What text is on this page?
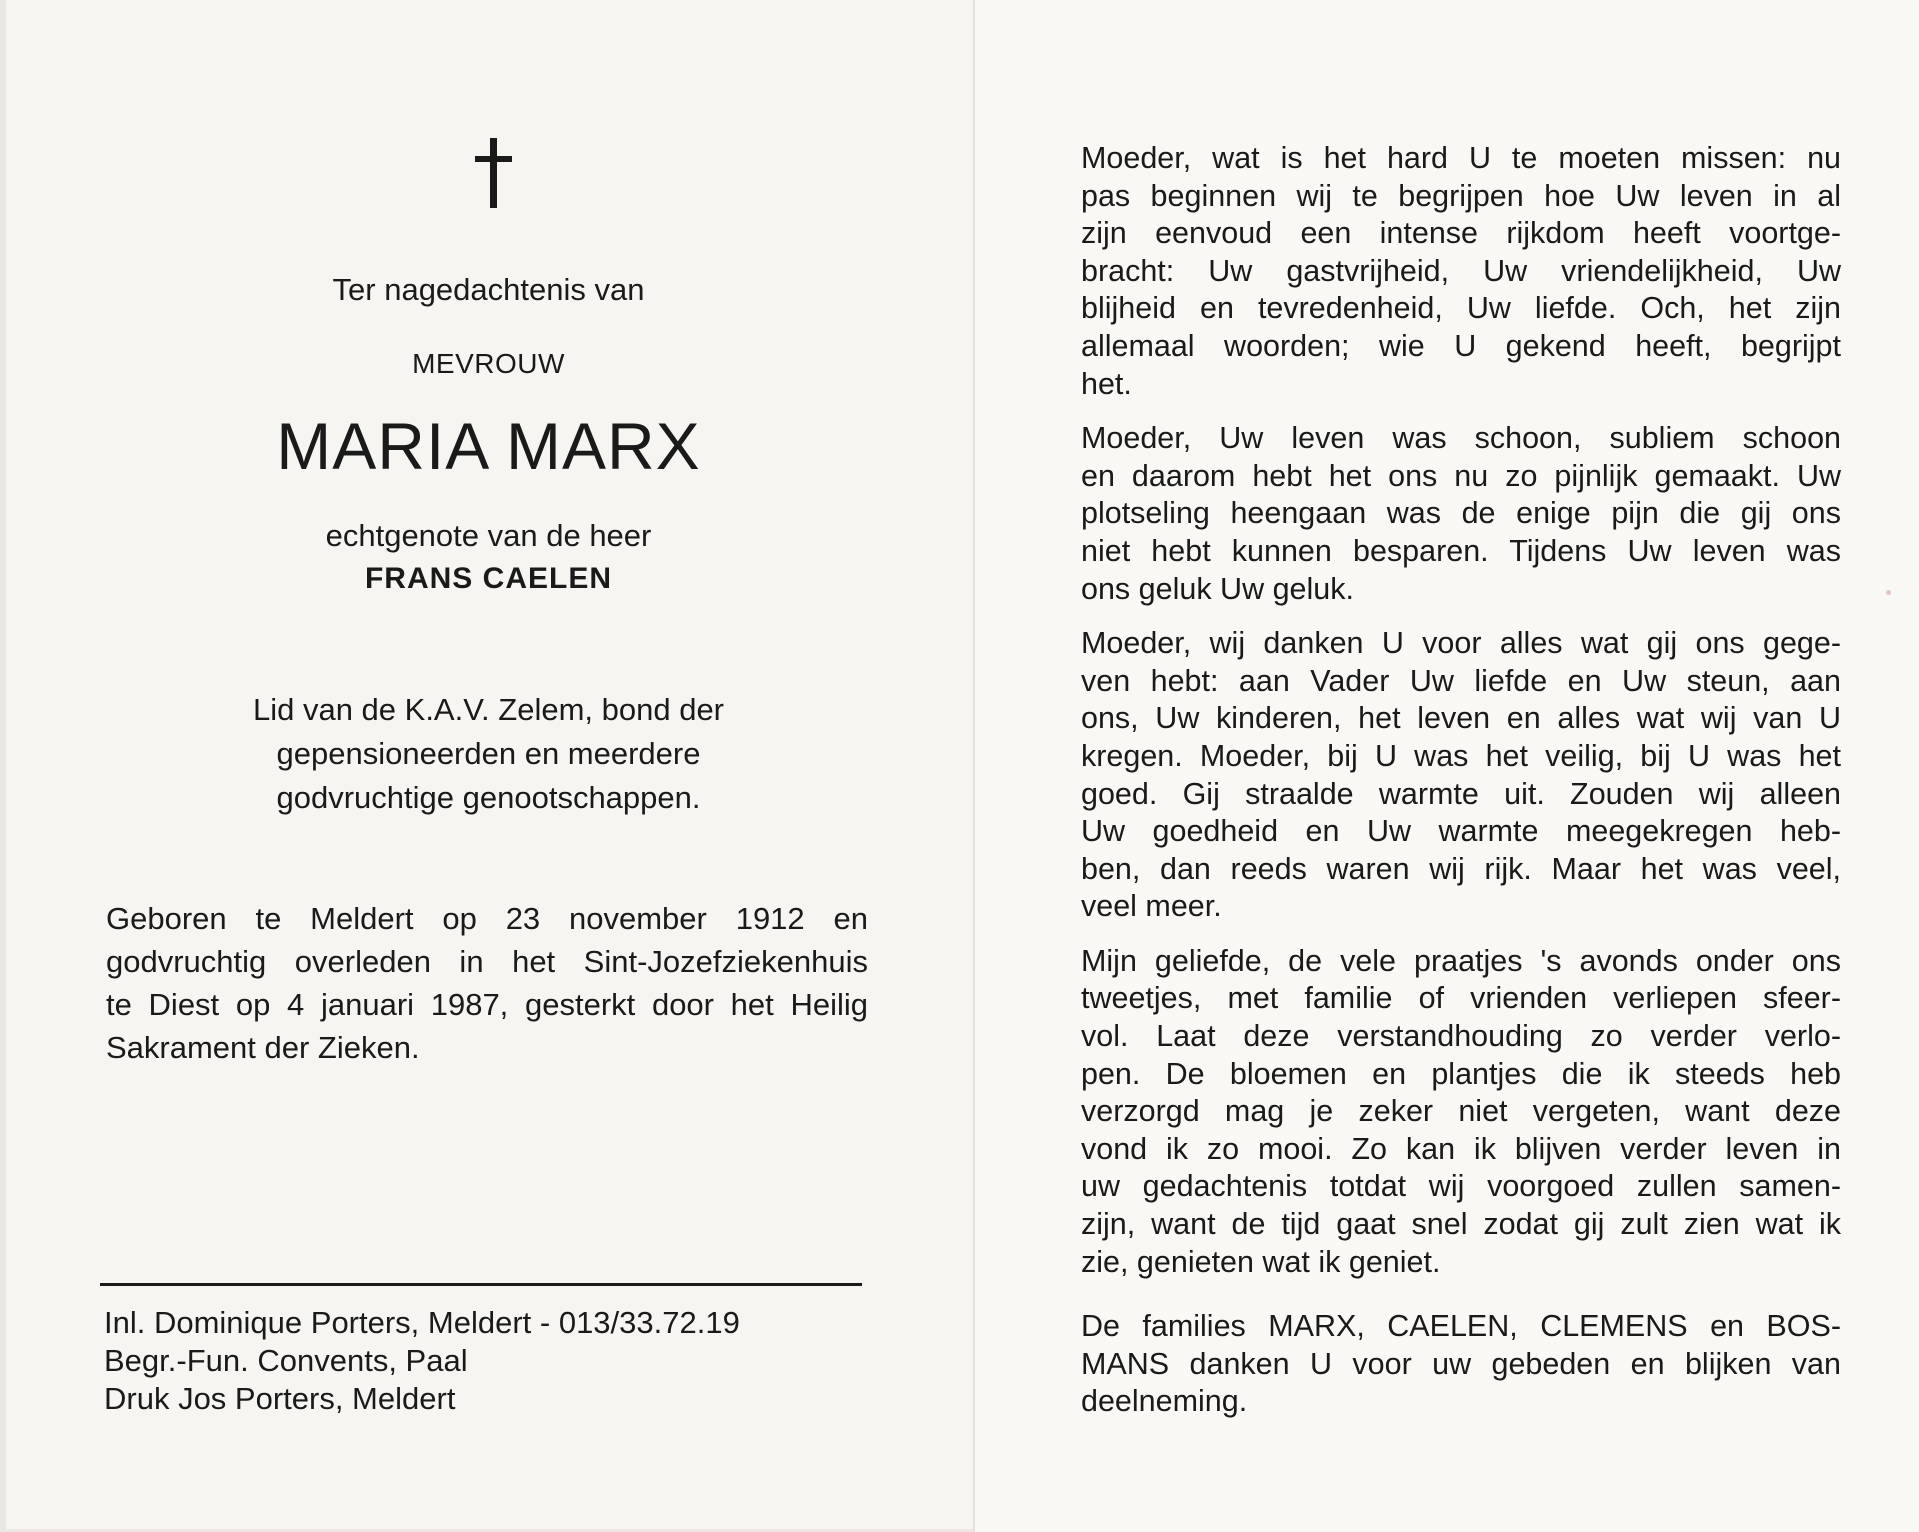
Ter nagedachtenis van
MEVROUW
MARIA MARX
echtgenote van de heer
FRANS CAELEN
Lid van de K.A.V. Zelem, bond der
gepensioneerden en meerdere
godvruchtige genootschappen.
Geboren te Meldert op 23 november 1912 en
godvruchtig overleden in het Sint-Jozefziekenhuis
te Diest op 4 januari 1987, gesterkt door het Heilig
Sakrament der Zieken.
Inl. Dominique Porters, Meldert - 013/33.72.19
Begr.-Fun. Convents, Paal
Druk Jos Porters, Meldert
Moeder, wat is het hard U te moeten missen: nu
pas beginnen wij te begrijpen hoe Uw leven in al
zijn eenvoud een intense rijkdom heeft voortge-
bracht: Uw gastvrijheid, Uw vriendelijkheid, Uw
blijheid en tevredenheid, Uw liefde. Och, het zijn
allemaal woorden; wie U gekend heeft, begrijpt
het.
Moeder, Uw leven was schoon, subliem schoon
en daarom hebt het ons nu zo pijnlijk gemaakt. Uw
plotseling heengaan was de enige pijn die gij ons
niet hebt kunnen besparen. Tijdens Uw leven was
ons geluk Uw geluk.
Moeder, wij danken U voor alles wat gij ons gege-
ven hebt: aan Vader Uw liefde en Uw steun, aan
ons, Uw kinderen, het leven en alles wat wij van U
kregen. Moeder, bij U was het veilig, bij U was het
goed. Gij straalde warmte uit. Zouden wij alleen
Uw goedheid en Uw warmte meegekregen heb-
ben, dan reeds waren wij rijk. Maar het was veel,
veel meer.
Mijn geliefde, de vele praatjes 's avonds onder ons
tweetjes, met familie of vrienden verliepen sfeer-
vol. Laat deze verstandhouding zo verder verlo-
pen. De bloemen en plantjes die ik steeds heb
verzorgd mag je zeker niet vergeten, want deze
vond ik zo mooi. Zo kan ik blijven verder leven in
uw gedachtenis totdat wij voorgoed zullen samen-
zijn, want de tijd gaat snel zodat gij zult zien wat ik
zie, genieten wat ik geniet.
De families MARX, CAELEN, CLEMENS en BOS-
MANS danken U voor uw gebeden en blijken van
deelneming.
